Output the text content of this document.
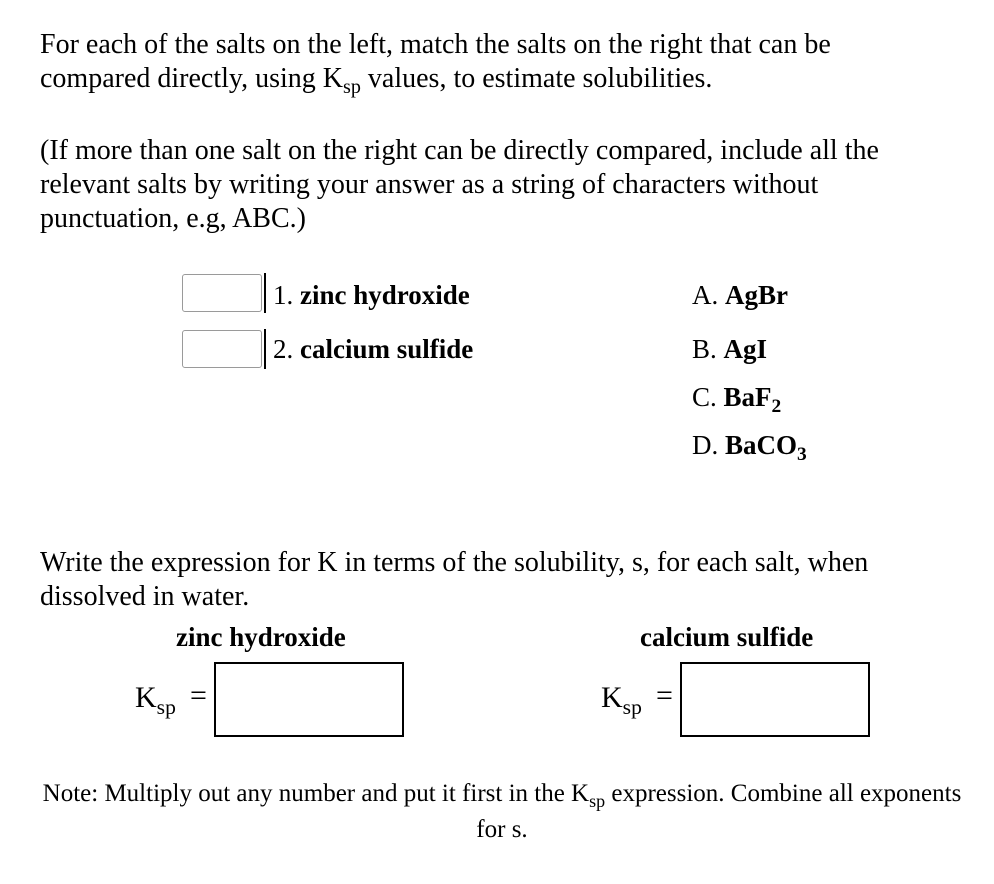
For each of the salts on the left, match the salts on the right that can be compared directly, using $K_{sp}$ values, to estimate solubilities.

(If more than one salt on the right can be directly compared, include all the relevant salts by writing your answer as a string of characters without punctuation, e.g, ABC.)

1. zinc hydroxide
2. calcium sulfide
A. AgBr
B. AgI
C. BaF$_2$
D. BaCO$_3$

Write the expression for K in terms of the solubility, s, for each salt, when dissolved in water.

zinc hydroxide	calcium sulfide
$K_{sp}$ =	$K_{sp}$ =
Note: Multiply out any number and put it first in the $K_{sp}$ expression. Combine all exponents for s.
